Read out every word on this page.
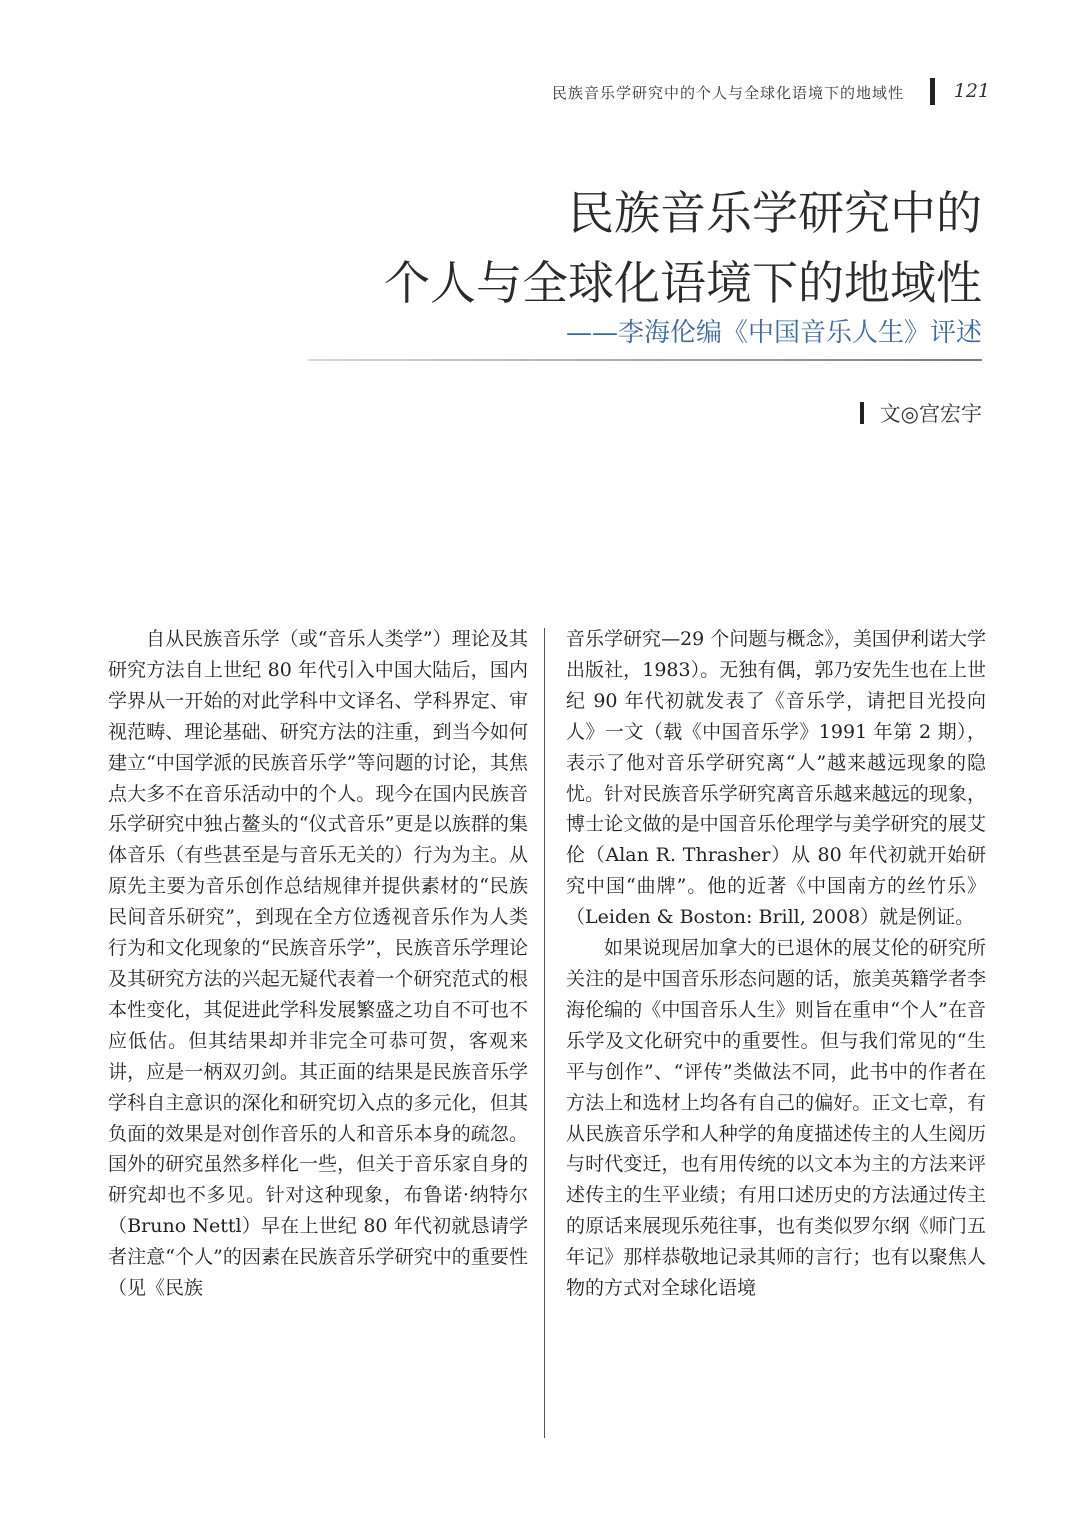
民族音乐学研究中的个人与全球化语境下的地域性	121
民族音乐学研究中的
个人与全球化语境下的地域性
——李海伦编《中国音乐人生》评述
文◎宫宏宇

自从民族音乐学（或“音乐人类学”）理论及其研究方法自上世纪 80 年代引入中国大陆后，国内学界从一开始的对此学科中文译名、学科界定、审视范畴、理论基础、研究方法的注重，到当今如何建立“中国学派的民族音乐学”等问题的讨论，其焦点大多不在音乐活动中的个人。现今在国内民族音乐学研究中独占鳌头的“仪式音乐”更是以族群的集体音乐（有些甚至是与音乐无关的）行为为主。从原先主要为音乐创作总结规律并提供素材的“民族民间音乐研究”，到现在全方位透视音乐作为人类行为和文化现象的“民族音乐学”，民族音乐学理论及其研究方法的兴起无疑代表着一个研究范式的根本性变化，其促进此学科发展繁盛之功自不可也不应低估。但其结果却并非完全可恭可贺，客观来讲，应是一柄双刃剑。其正面的结果是民族音乐学学科自主意识的深化和研究切入点的多元化，但其负面的效果是对创作音乐的人和音乐本身的疏忽。国外的研究虽然多样化一些，但关于音乐家自身的研究却也不多见。针对这种现象，布鲁诺·纳特尔（Bruno Nettl）早在上世纪 80 年代初就恳请学者注意“个人”的因素在民族音乐学研究中的重要性（见《民族

音乐学研究—29 个问题与概念》，美国伊利诺大学出版社，1983）。无独有偶，郭乃安先生也在上世纪 90 年代初就发表了《音乐学，请把目光投向人》一文（载《中国音乐学》1991 年第 2 期），表示了他对音乐学研究离“人”越来越远现象的隐忧。针对民族音乐学研究离音乐越来越远的现象，博士论文做的是中国音乐伦理学与美学研究的展艾伦（Alan R. Thrasher）从 80 年代初就开始研究中国“曲牌”。他的近著《中国南方的丝竹乐》（Leiden & Boston: Brill, 2008）就是例证。

如果说现居加拿大的已退休的展艾伦的研究所关注的是中国音乐形态问题的话，旅美英籍学者李海伦编的《中国音乐人生》则旨在重申“个人”在音乐学及文化研究中的重要性。但与我们常见的“生平与创作”、“评传”类做法不同，此书中的作者在方法上和选材上均各有自己的偏好。正文七章，有从民族音乐学和人种学的角度描述传主的人生阅历与时代变迁，也有用传统的以文本为主的方法来评述传主的生平业绩；有用口述历史的方法通过传主的原话来展现乐苑往事，也有类似罗尔纲《师门五年记》那样恭敬地记录其师的言行；也有以聚焦人物的方式对全球化语境
